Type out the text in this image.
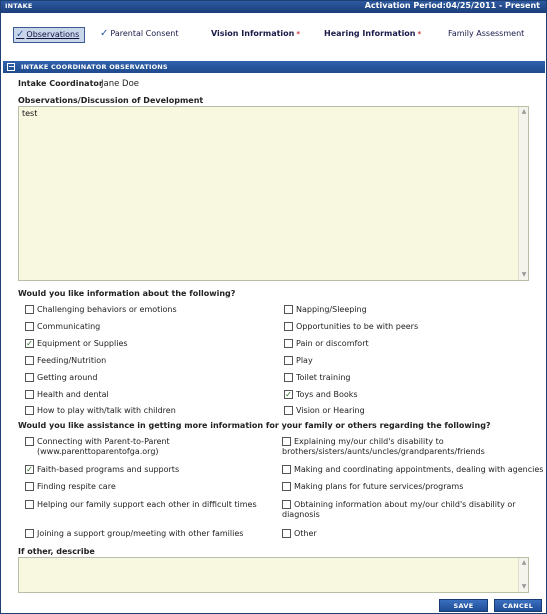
INTAKE	Activation Period:04/25/2011 - Present
✓ Observations	✓ Parental Consent	Vision Information *	Hearing Information *	Family Assessment
− INTAKE COORDINATOR OBSERVATIONS
Intake Coordinator
Jane Doe
Observations/Discussion of Development
test	▲
▼
Would you like information about the following?
Challenging behaviors or emotions
Communicating
✓ Equipment or Supplies
Feeding/Nutrition
Getting around
Health and dental
How to play with/talk with children
Napping/Sleeping
Opportunities to be with peers
Pain or discomfort
Play
Toilet training
✓ Toys and Books
Vision or Hearing
Would you like assistance in getting more information for your family or others regarding the following?
Connecting with Parent-to-Parent (www.parenttoparentofga.org)
✓ Faith-based programs and supports
Finding respite care
Helping our family support each other in difficult times
Joining a support group/meeting with other families
Explaining my/our child's disability to brothers/sisters/aunts/uncles/grandparents/friends
Making and coordinating appointments, dealing with agencies
Making plans for future services/programs
Obtaining information about my/our child's disability or diagnosis
Other
If other, describe
▲
▼
SAVE	CANCEL
